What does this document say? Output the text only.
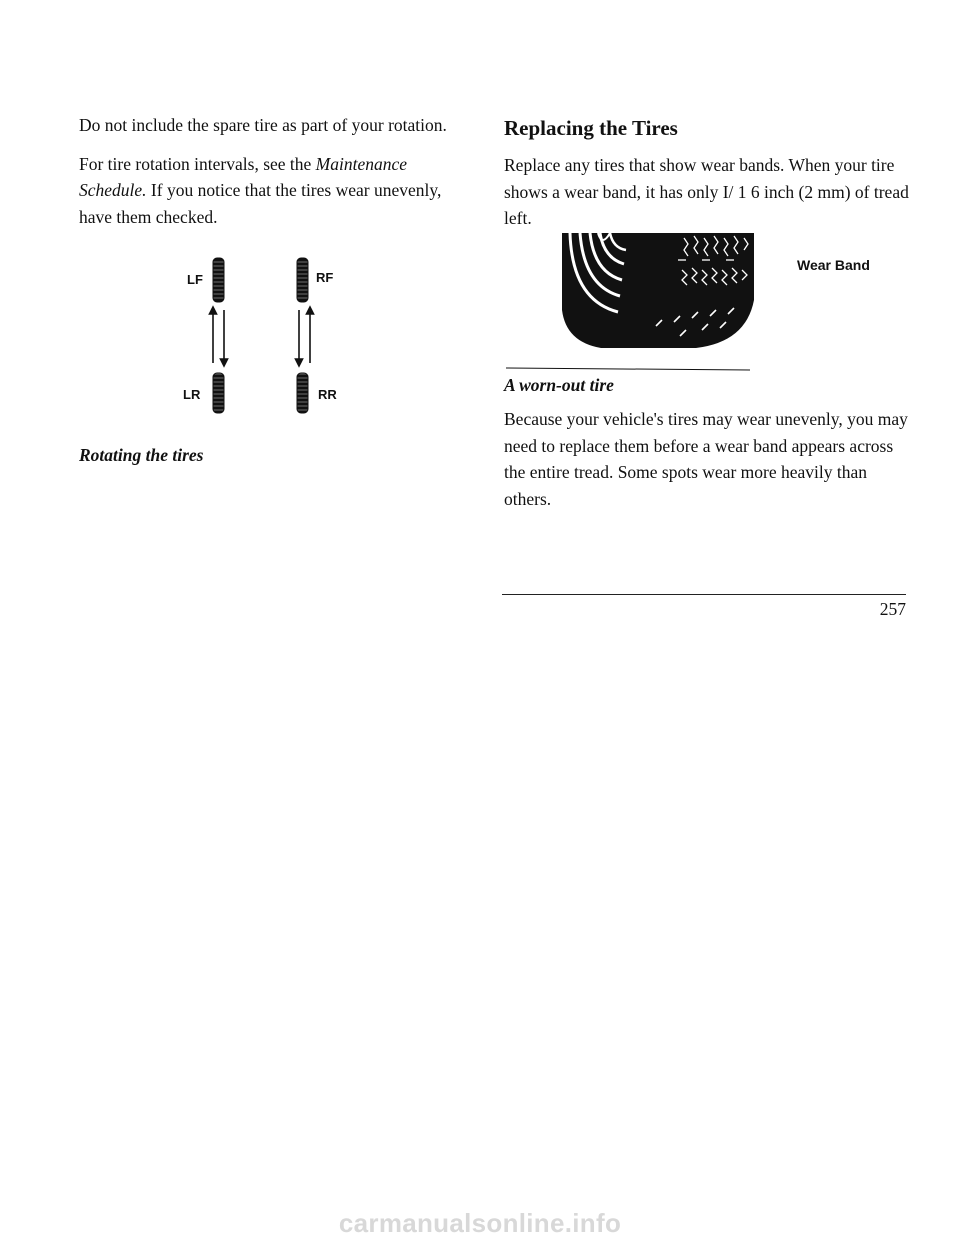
Do not include the spare tire as part of your rotation.

For tire rotation intervals, see the Maintenance Schedule. If you notice that the tires wear unevenly, have them checked.

LF	RF
LR	RR
Rotating the tires
Replacing the Tires

Replace any tires that show wear bands. When your tire shows a wear band, it has only I/ 1 6 inch (2 mm) of tread left.

Wear Band
A worn-out tire

Because your vehicle's tires may wear unevenly, you may need to replace them before a wear band appears across the entire tread. Some spots wear more heavily than others.

257
carmanualsonline.info
